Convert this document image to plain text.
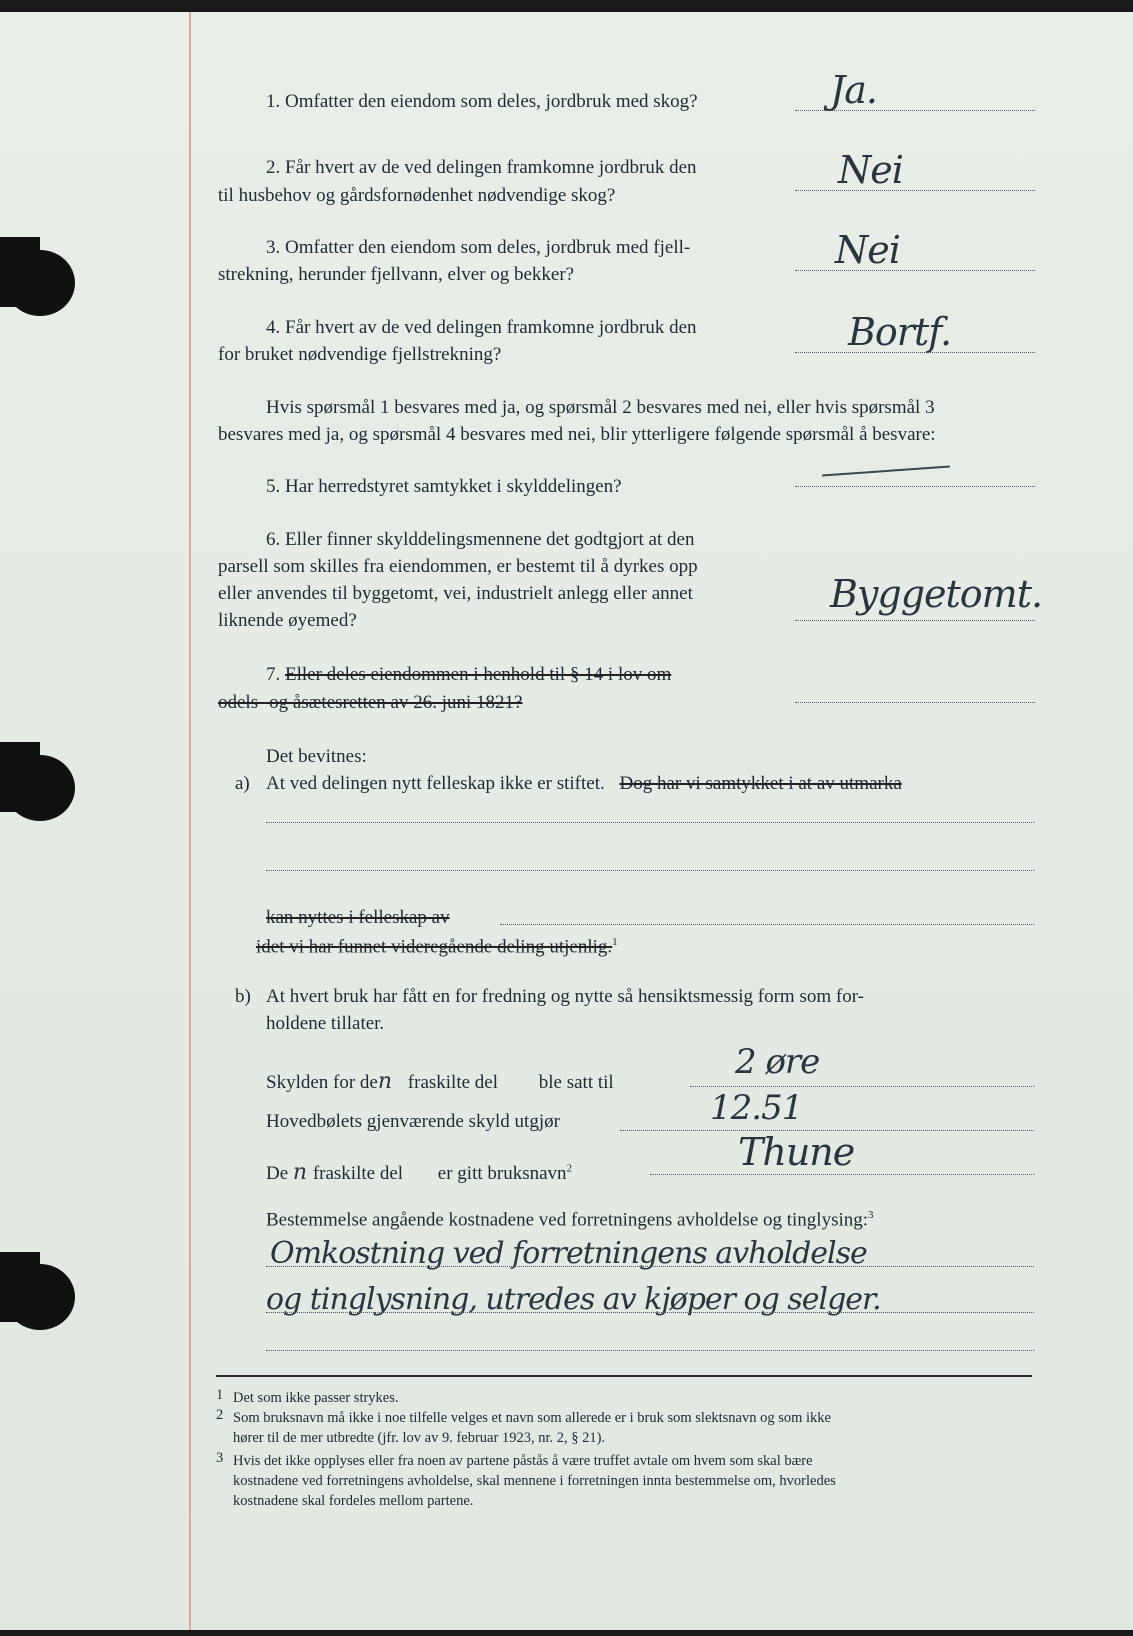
1. Omfatter den eiendom som deles, jordbruk med skog?	Ja.
2. Får hvert av de ved delingen framkomne jordbruk den
til husbehov og gårdsfornødenhet nødvendige skog?
Nei
3. Omfatter den eiendom som deles, jordbruk med fjell-
strekning, herunder fjellvann, elver og bekker?
Nei
4. Får hvert av de ved delingen framkomne jordbruk den
for bruket nødvendige fjellstrekning?
Bortf.
Hvis spørsmål 1 besvares med ja, og spørsmål 2 besvares med nei, eller hvis spørsmål 3
besvares med ja, og spørsmål 4 besvares med nei, blir ytterligere følgende spørsmål å besvare:
5. Har herredstyret samtykket i skylddelingen?
6. Eller finner skylddelingsmennene det godtgjort at den
parsell som skilles fra eiendommen, er bestemt til å dyrkes opp
eller anvendes til byggetomt, vei, industrielt anlegg eller annet
liknende øyemed?
Byggetomt.
7. Eller deles eiendommen i henhold til § 14 i lov om
odels- og åsætesretten av 26. juni 1821?
Det bevitnes:
a) At ved delingen nytt felleskap ikke er stiftet. Dog har vi samtykket i at av utmarka
kan nyttes i felleskap av
idet vi har funnet videregående deling utjenlig.$^1$
b) At hvert bruk har fått en for fredning og nytte så hensiktsmessig form som for-
holdene tillater.
Skylden for den fraskilte del ble satt til
2 øre
Hovedbølets gjenværende skyld utgjør	12.51
De n fraskilte del er gitt bruksnavn$^2$	Thune
Bestemmelse angående kostnadene ved forretningens avholdelse og tinglysing:$^3$
Omkostning ved forretningens avholdelse
og tinglysning, utredes av kjøper og selger.
1 Det som ikke passer strykes.
2 Som bruksnavn må ikke i noe tilfelle velges et navn som allerede er i bruk som slektsnavn og som ikke
hører til de mer utbredte (jfr. lov av 9. februar 1923, nr. 2, § 21).
3 Hvis det ikke opplyses eller fra noen av partene påstås å være truffet avtale om hvem som skal bære
kostnadene ved forretningens avholdelse, skal mennene i forretningen innta bestemmelse om, hvorledes
kostnadene skal fordeles mellom partene.
